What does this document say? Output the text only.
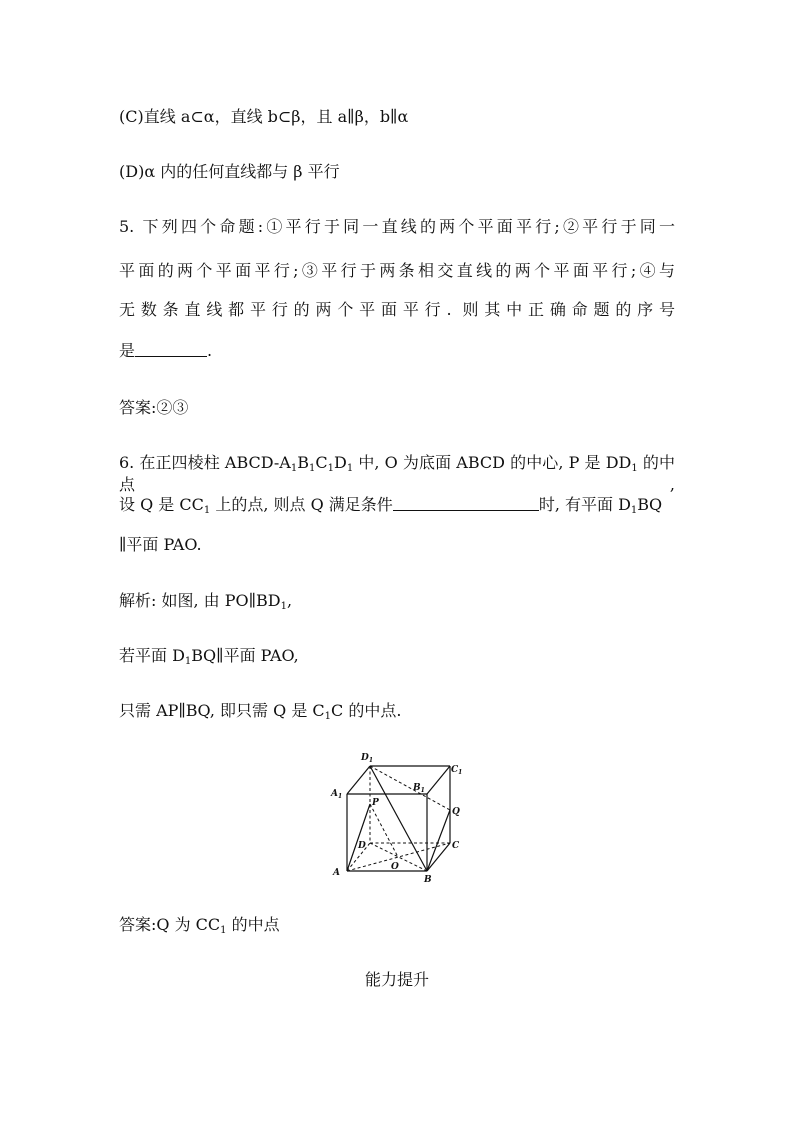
(C)直线 a⊂α，直线 b⊂β，且 a∥β，b∥α
(D)α 内的任何直线都与 β 平行
5. 下列四个命题:①平行于同一直线的两个平面平行;②平行于同一
平面的两个平面平行;③平行于两条相交直线的两个平面平行;④与
无数条直线都平行的两个平面平行. 则其中正确命题的序号
是	.
答案:②③
6. 在正四棱柱 ABCD-$A_1B_1C_1D_1$ 中, O 为底面 ABCD 的中心, P 是 $DD_1$ 的中点,
设 Q 是 $CC_1$ 上的点, 则点 Q 满足条件	时, 有平面 $D_1BQ$
∥平面 PAO.
解析: 如图, 由 $PO\parallel BD_1$,
若平面 $D_1BQ\parallel$平面 PAO,
只需 AP∥BQ, 即只需 Q 是 $C_1C$ 的中点.
$D_1$
$C_1$
$B_1$
$A_1$
P
Q
D	C
O
A
B
答案:Q 为 $CC_1$ 的中点
能力提升
